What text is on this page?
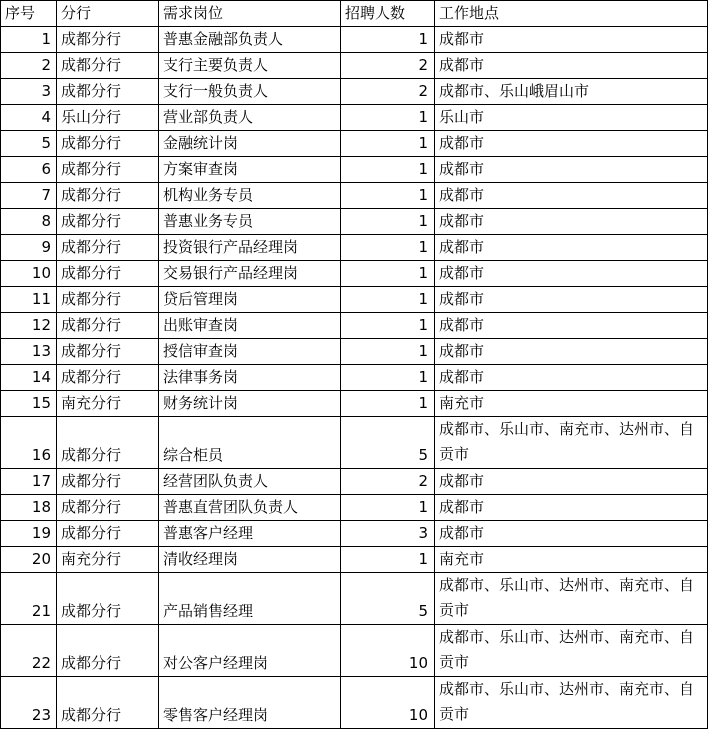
序号	分行	需求岗位	招聘人数	工作地点
1	成都分行	普惠金融部负责人	1	成都市
2	成都分行	支行主要负责人	2	成都市
3	成都分行	支行一般负责人	2	成都市、乐山峨眉山市
4	乐山分行	营业部负责人	1	乐山市
5	成都分行	金融统计岗	1	成都市
6	成都分行	方案审查岗	1	成都市
7	成都分行	机构业务专员	1	成都市
8	成都分行	普惠业务专员	1	成都市
9	成都分行	投资银行产品经理岗	1	成都市
10	成都分行	交易银行产品经理岗	1	成都市
11	成都分行	贷后管理岗	1	成都市
12	成都分行	出账审查岗	1	成都市
13	成都分行	授信审查岗	1	成都市
14	成都分行	法律事务岗	1	成都市
15	南充分行	财务统计岗	1	南充市
16	成都分行	综合柜员	5	成都市、乐山市、南充市、达州市、自贡市
17	成都分行	经营团队负责人	2	成都市
18	成都分行	普惠直营团队负责人	1	成都市
19	成都分行	普惠客户经理	3	成都市
20	南充分行	清收经理岗	1	南充市
21	成都分行	产品销售经理	5	成都市、乐山市、达州市、南充市、自贡市
22	成都分行	对公客户经理岗	10	成都市、乐山市、达州市、南充市、自贡市
23	成都分行	零售客户经理岗	10	成都市、乐山市、达州市、南充市、自贡市
